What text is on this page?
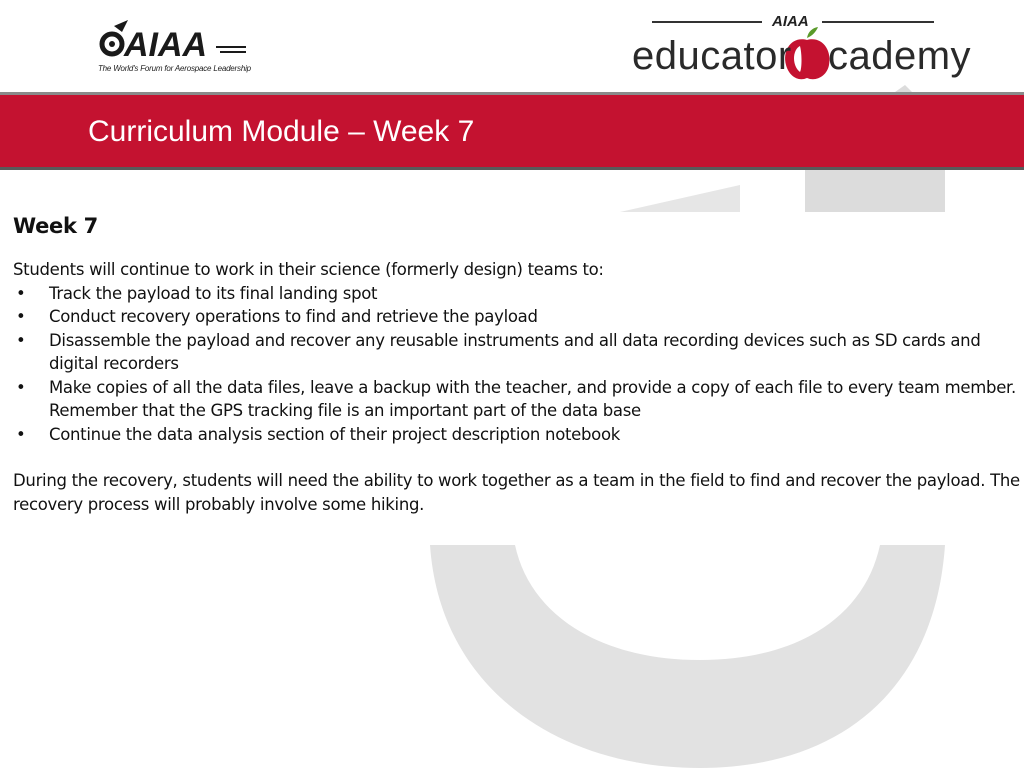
AIAA
The World's Forum for Aerospace Leadership
AIAA
educator cademy
Curriculum Module – Week 7
Week 7
Students will continue to work in their science (formerly design) teams to:
• Track the payload to its final landing spot
• Conduct recovery operations to find and retrieve the payload
• Disassemble the payload and recover any reusable instruments and all data recording devices such as SD cards and digital recorders
• Make copies of all the data files, leave a backup with the teacher, and provide a copy of each file to every team member. Remember that the GPS tracking file is an important part of the data base
• Continue the data analysis section of their project description notebook
During the recovery, students will need the ability to work together as a team in the field to find and recover the payload. The recovery process will probably involve some hiking.
